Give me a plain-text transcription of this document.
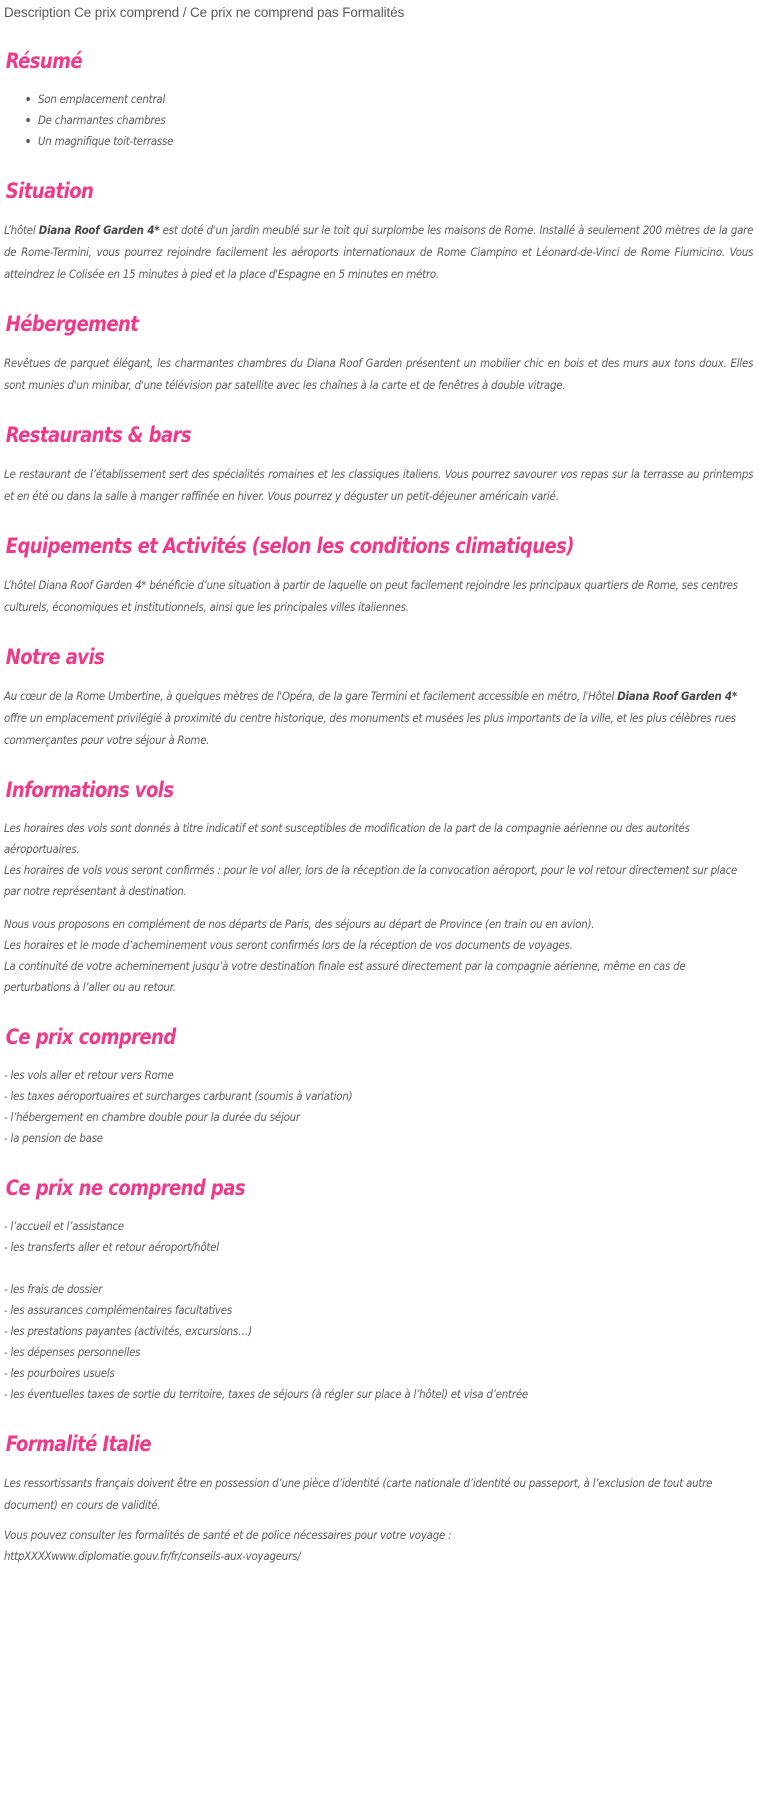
Description Ce prix comprend / Ce prix ne comprend pas Formalités
Résumé
Son emplacement central
De charmantes chambres
Un magnifique toit-terrasse
Situation

L’hôtel Diana Roof Garden 4* est doté d'un jardin meublé sur le toit qui surplombe les maisons de Rome. Installé à seulement 200 mètres de la gare de Rome-Termini, vous pourrez rejoindre facilement les aéroports internationaux de Rome Ciampino et Léonard-de-Vinci de Rome Fiumicino. Vous atteindrez le Colisée en 15 minutes à pied et la place d'Espagne en 5 minutes en métro.

Hébergement

Revêtues de parquet élégant, les charmantes chambres du Diana Roof Garden présentent un mobilier chic en bois et des murs aux tons doux. Elles sont munies d'un minibar, d'une télévision par satellite avec les chaînes à la carte et de fenêtres à double vitrage.

Restaurants & bars

Le restaurant de l’établissement sert des spécialités romaines et les classiques italiens. Vous pourrez savourer vos repas sur la terrasse au printemps et en été ou dans la salle à manger raffinée en hiver. Vous pourrez y déguster un petit-déjeuner américain varié.

Equipements et Activités (selon les conditions climatiques)

L’hôtel Diana Roof Garden 4* bénéficie d’une situation à partir de laquelle on peut facilement rejoindre les principaux quartiers de Rome, ses centres culturels, économiques et institutionnels, ainsi que les principales villes italiennes.

Notre avis

Au cœur de la Rome Umbertine, à quelques mètres de l'Opéra, de la gare Termini et facilement accessible en métro, l'Hôtel Diana Roof Garden 4* offre un emplacement privilégié à proximité du centre historique, des monuments et musées les plus importants de la ville, et les plus célèbres rues commerçantes pour votre séjour à Rome.

Informations vols
Les horaires des vols sont donnés à titre indicatif et sont susceptibles de modification de la part de la compagnie aérienne ou des autorités aéroportuaires.
Les horaires de vols vous seront confirmés : pour le vol aller, lors de la réception de la convocation aéroport, pour le vol retour directement sur place par notre représentant à destination.
Nous vous proposons en complément de nos départs de Paris, des séjours au départ de Province (en train ou en avion).
Les horaires et le mode d’acheminement vous seront confirmés lors de la réception de vos documents de voyages.
La continuité de votre acheminement jusqu’à votre destination finale est assuré directement par la compagnie aérienne, même en cas de perturbations à l’aller ou au retour.
Ce prix comprend
- les vols aller et retour vers Rome
- les taxes aéroportuaires et surcharges carburant (soumis à variation)
- l’hébergement en chambre double pour la durée du séjour
- la pension de base
Ce prix ne comprend pas
- l’accueil et l’assistance
- les transferts aller et retour aéroport/hôtel
- les frais de dossier
- les assurances complémentaires facultatives
- les prestations payantes (activités, excursions…)
- les dépenses personnelles
- les pourboires usuels
- les éventuelles taxes de sortie du territoire, taxes de séjours (à régler sur place à l’hôtel) et visa d’entrée
Formalité Italie

Les ressortissants français doivent être en possession d’une pièce d’identité (carte nationale d’identité ou passeport, à l’exclusion de tout autre document) en cours de validité.

Vous pouvez consulter les formalités de santé et de police nécessaires pour votre voyage :
httpXXXXwww.diplomatie.gouv.fr/fr/conseils-aux-voyageurs/
